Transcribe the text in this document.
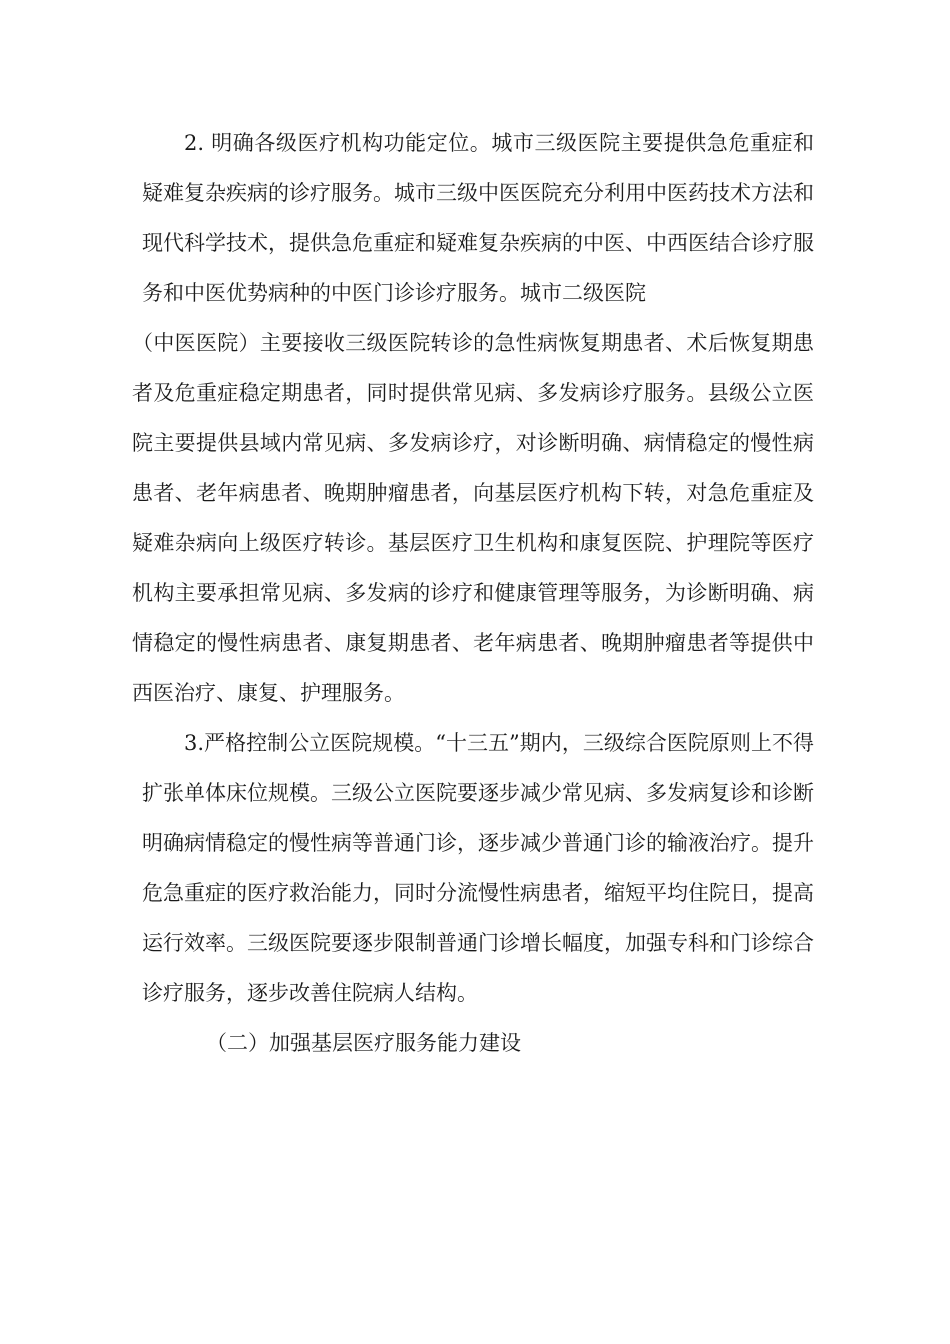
2. 明确各级医疗机构功能定位。城市三级医院主要提供急危重症和疑难复杂疾病的诊疗服务。城市三级中医医院充分利用中医药技术方法和现代科学技术，提供急危重症和疑难复杂疾病的中医、中西医结合诊疗服务和中医优势病种的中医门诊诊疗服务。城市二级医院

（中医医院）主要接收三级医院转诊的急性病恢复期患者、术后恢复期患者及危重症稳定期患者，同时提供常见病、多发病诊疗服务。县级公立医院主要提供县域内常见病、多发病诊疗，对诊断明确、病情稳定的慢性病患者、老年病患者、晚期肿瘤患者，向基层医疗机构下转，对急危重症及疑难杂病向上级医疗转诊。基层医疗卫生机构和康复医院、护理院等医疗机构主要承担常见病、多发病的诊疗和健康管理等服务，为诊断明确、病情稳定的慢性病患者、康复期患者、老年病患者、晚期肿瘤患者等提供中西医治疗、康复、护理服务。

3.严格控制公立医院规模。“十三五”期内，三级综合医院原则上不得扩张单体床位规模。三级公立医院要逐步减少常见病、多发病复诊和诊断明确病情稳定的慢性病等普通门诊，逐步减少普通门诊的输液治疗。提升危急重症的医疗救治能力，同时分流慢性病患者，缩短平均住院日，提高运行效率。三级医院要逐步限制普通门诊增长幅度，加强专科和门诊综合诊疗服务，逐步改善住院病人结构。

（二）加强基层医疗服务能力建设
